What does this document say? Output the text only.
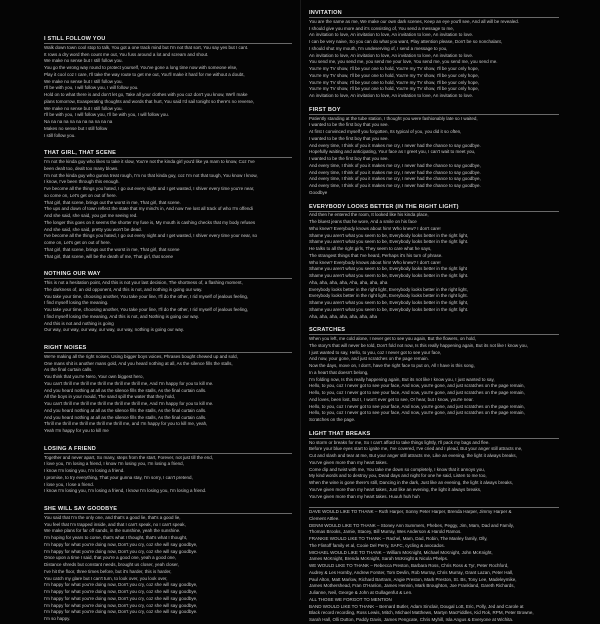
I STILL FOLLOW YOU
Walk down town cool stop to talk, You got a one track mind but I'm not that sort, You say yes but I cant.
It rows a dry word then count me out, You fuss around a lot and scream and shout.
We make no sense but I still follow you.
You go the wrong way round to protect yourself, You've gone a long time now with someone else,
Play it cool coz I care, I'll take the way route to get me out, You'll make it hard for me without a doubt,
We make no sense but I still follow you.
I'll be with you, I will follow you, I will follow you.
Hold on to what there is and don't let go, Take all your clothes with you coz don't you know, We'll make
plans tomorrow, Exasperating thoughts and words that hurt, You said I'd sail tonight so there's no reverse,
We make no sense but I still follow you.
I'll be with you, I will follow you, I'll be with you, I will follow you.
Na na na na na na na na na na na
Makes no sense but I still follow
I still follow you.
THAT GIRL, THAT SCENE
I'm not the kinda guy who likes to take it slow, You're not the kinda girl you'd like ya mam to know, Coz I've
been dealt too, dealt too many blows.
I'm not the kinda guy who gunna treat rough, I'm no that kinda guy, coz I'm not that tough, You know I know,
I know, I've been through this enough.
I've become all the things you hated, I go out every night and I get wasted, I shiver every time you're near,
so come on, Let's get on out of here.
That girl, that scene, brings out the worst in me, That girl, that scene.
The ups and down of town reflect the state that my mind's in, And now I've lost all track of who I'm offendi
And she said, she said, you got me seeing red.
The longer this goes on it seems the shorter my fuse is, My mouth is cashing checks that my body refuses
And she said, she said, pretty you won't be dead.
I've become all the things you hated, I go out every night and I get wasted, I shiver every time your near, so
come on, Let's get on out of here.
That girl, that scene, brings out the worst in me, That girl, that scene
That girl, that scene, will be the death of me, That girl, that scene
NOTHING OUR WAY
This is not a hesitation point, And this is not your last decision, The shortness of, a flashing moment,
The darkness of, an old opponent, And this is not, and nothing is going our way.
You take your time, choosing another, You take your line, I'll do the other, I rid myself of jealous feeling,
I find myself losing the meaning.
You take your time, choosing another, You take your line, I'll do the other, I rid myself of jealous feeling,
I find myself losing the meaning, And this is not, and Nothing is going our way.
And this is not and nothing is going
Our way, our way, our way, our way, our way, nothing is going our way.
RIGHT NOISES
We're making all the right noises, Using bigger boys voices, Phrases bought chewed up and sold,
One mans shit is another mans gold, And you heard nothing at all, As the silence fills the stalls,
As the final curtain calls.
You think that you're Nero, Your own biggest hero,
You can't thrill me thrill me thrill me thrill me thrill me, And I'm happy for you to kill me.
And you heard nothing at all as the silence fills the stalls, As the final curtain calls.
All the boys in your mould, The sand spill the water that they hold,
You can't thrill me thrill me thrill me thrill me thrill me, And I'm happy for you to kill me.
And you heard nothing at all as the silence fills the stalls, As the final curtain calls.
And you heard nothing at all as the silence fills the stalls, As the final curtain calls.
Thrill me thrill me thrill me thrill me thrill me, and I'm happy for you to kill me, yeah,
Yeah I'm happy for you to kill me
LOSING A FRIEND
Together and never apart, So many, steps from the start, Forever, not just till the end,
I love you, I'm losing a friend, I know I'm losing you, I'm losing a friend,
I know I'm losing you, I'm losing a friend.
I promise, to try everything, That your gunna stay, I'm sorry, I can't pretend,
I lose you, I lose a friend.
I know I'm losing you, I'm losing a friend, I know I'm losing you, I'm losing a friend.
SHE WILL SAY GOODBYE
You said that I'm the only one, and that's a good lie, that's a good lie,
You feel that I'm trapped inside, and that I can't speak, no I can't speak,
We make plans for far off sands, in the sunshine, yeah the sunshine.
I'm hoping for years to come, that's what I thought, that's what I thought,
I'm happy for what you're doing now, Don't you cry, coz she will say goodbye,
I'm happy for what you're doing now, Don't you cry, coz she will say goodbye.
Once upon a time I said, that you're a good one, yeah a good one,
Distance shreds but constant needs, brought us closer, yeah closer,
I've hit the floor, three times before, but it's harder, this is harder,
You catch my glare but I can't turn, to look over, you look over,
I'm happy for what you're doing now, Don't you cry, coz she will say goodbye,
I'm happy for what you're doing now, Don't you cry, coz she will say goodbye,
I'm happy for what you're doing now, Don't you cry, coz she will say goodbye,
I'm happy for what you're doing now, Don't you cry, coz she will say goodbye,
I'm happy for what you're doing now, Don't you cry, coz she will say goodbye.
I'm so happy.
INVITATION
You are the same as me, We make our own dark scenes, Keep an eye you'll see, And all will be revealed.
I should give you more and it's consisting of, You send a message to me,
An invitation to love, An invitation to love, An invitation to love, An invitation to love.
I can be very naive, So you can do what you want, Play attention please, Don't be so nonchalant,
I should shut my mouth, I'm undeserving of, I send a message to you,
An invitation to love, An invitation to love, An invitation to love, An invitation to love.
You send me, you send me, you send me your love, You send me, you send me, you send me.
You're my TV show, I'll be your one to hold, You're my TV show, I'll be your only hope,
You're my TV show, I'll be your one to hold, You're my TV show, I'll be your only hope,
You're my TV show, I'll be your one to hold, You're my TV show, I'll be your only hope,
You're my TV show, I'll be your one to hold, You're my TV show, I'll be your only hope,
An invitation to love, An invitation to love, An invitation to love, An invitation to love.
FIRST BOY
Patiently standing at the tube station, I thought you were fashionably late so I waited,
I wanted to be the first boy that you see.
At first I convinced myself you forgotten, Its typical of you, you did it so often,
I wanted to be the first boy that you see.
And every time, I think of you it makes me cry, I never had the chance to say goodbye.
Hopefully waiting and anticipating, Your face as I greet you, I can't wait to meet you,
I wanted to be the first boy that you see.
And every time, I think of you it makes me cry, I never had the chance to say goodbye,
And every time, I think of you it makes me cry, I never had the chance to say goodbye.
And every time, I think of you it makes me cry, I never had the chance to say goodbye,
And every time, I think of you it makes me cry, I never had the chance to say goodbye.
Goodbye
EVERYBODY LOOKS BETTER (IN THE RIGHT LIGHT)
And then he entered the room, It looked like his kinda place,
The bluest jeans that he wore, And a smile on his face
Who knew? Everybody knows about him! Who knew? I don't care!
Shame you aren't what you seem to be, Everybody looks better in the right light,
Shame you aren't what you seem to be, Everybody looks better in the right light.
He talks to all the right girls, They seem to care what he says,
The strangest things that I've heard, Perhaps it's his turn of phrase.
Who knew? Everybody knows about him! Who knew? I don't care!
Shame you aren't what you seem to be, Everybody looks better in the right light
Shame you aren't what you seem to be, Everybody looks better in the right light.
Aha, aha, aha, aha, Aha, aha, aha, aha
Everybody looks better in the right light, Everybody looks better in the right light,
Everybody looks better in the right light, Everybody looks better in the right light.
Shame you aren't what you seem to be, Everybody looks better in the right light,
Shame you aren't what you seem to be, Everybody looks better in the right light.
Aha, aha, aha, aha, aha, aha, aha
SCRATCHES
When you left, me cold alone, I never get to see you again, But the flowers, on hold,
The story's that will never be told, Don't fold not now, Is this really happening again, But its not like I know you,
I just wanted to say, Hello, to you, coz I never got to see your face,
And now, your gone, and just scratches on the page remain.
Now the days, move on, I don't, have the right face to put on, All I have is this song,
In a heart that doesn't belong,
I'm folding now, Is this really happening again, But its not like I know you, I just wanted to say,
Hello, to you, coz I never got to see your face, And now, you're gone, and just scratches on the page remain,
Hello, to you, coz I never got to see your face, And now, you're gone, and just scratches on the page remain,
And loves, been lost, But I, I won't ever get to see, Or hear, but I know, you're near.
Hello, to you, coz I never got to see your face, And now, you're gone, and just scratches on the page remain,
Hello, to you, coz I never got to see your face, And now, you're gone, and just scratches on the page remain,
Scratches on the page.
LIGHT THAT BREAKS
No storm or breaks for me, So I can't afford to take things lightly, I'll pack my bags and flee.
Before your blue eyes start to ignite me, I've covered, I've cried and I plead, But your anger still attracts me,
Cut and slash and tear at me, But your anger still attracts me, Like an evening, the light it always breaks,
You've given more than my heart takes.
Come dip and twist with me, You take me down so completely, I know that it annoys you,
My kind words and to destroy you, Dead days and night for one he said, Listen to me too,
When the wine is gone there's still, Dancing in the dark, Just like an evening, the light it always breaks,
You've given more than my heart takes, Just like an evening, the light it always breaks,
You've given more than my heart takes. Huuuh huh huh
DAVE WOULD LIKE TO THANK – Ruth Harper, Sonny Peter Harper, Brenda Harper, Jimmy Harper &
Clement Attlee.
DENNI WOULD LIKE TO THANK – Stoney Ann Summers, Phebes, Peggy, Jim, Mam, Dad and Family,
Thomas Brooks, Jamie, Stacey, Bill Murray, Wes Anderson & Harold Ramos.
FRANKIE WOULD LIKE TO THANK – Rachel, Mam, Dad, Robin, The Manley family, Olly,
The Flintoff family et al, Cooie Del Perry, SAFC, cycling & avocados.
MICHAEL WOULD LIKE TO THANK – William McKnight, Michael McKnight, John McKnight,
James McKnight, Brenda McKnight, Sarah McKnight & Nicola Phelps.
WE WOULD LIKE TO THANK – Rebecca Preston, Barbara Ross, Chris Ross & Tyr, Peter Rochford,
Audrey & Les Hornby, Andrew Forster, Tom Devlin, Rob Murray, Chris Murray, Grant Lazan, Peter Hall,
Paul Alton, Matt Marlow, Richard Bartram, Angie Preston, Mark Preston, St. Bs, Tony Lee, Madeleymike,
James Mothershead, Fran O'Hanlon, James Hennin, Mark Broughton, Joe Frankland, Gareth Richards,
Julianne, Neil, George & John at Gullagenfut & Len.
ALL THOSE WE FORGOT TO MENTION
BAND WOULD LIKE TO THANK – Bernard Butler, Adam Sinclair, Dougal Lott, Eric, Polly, Jed and Carole at
Black record recording, Ross Lewis, Mitch, Michael Matthews, Martyn MacFiddles, Kid Rok, RPM, Peter Browne,
Sarah Hall, Olli Dutton, Paddy Davis, James Pengcate, Chris Myhill, Isla Angus & Everyone at Wichita.
